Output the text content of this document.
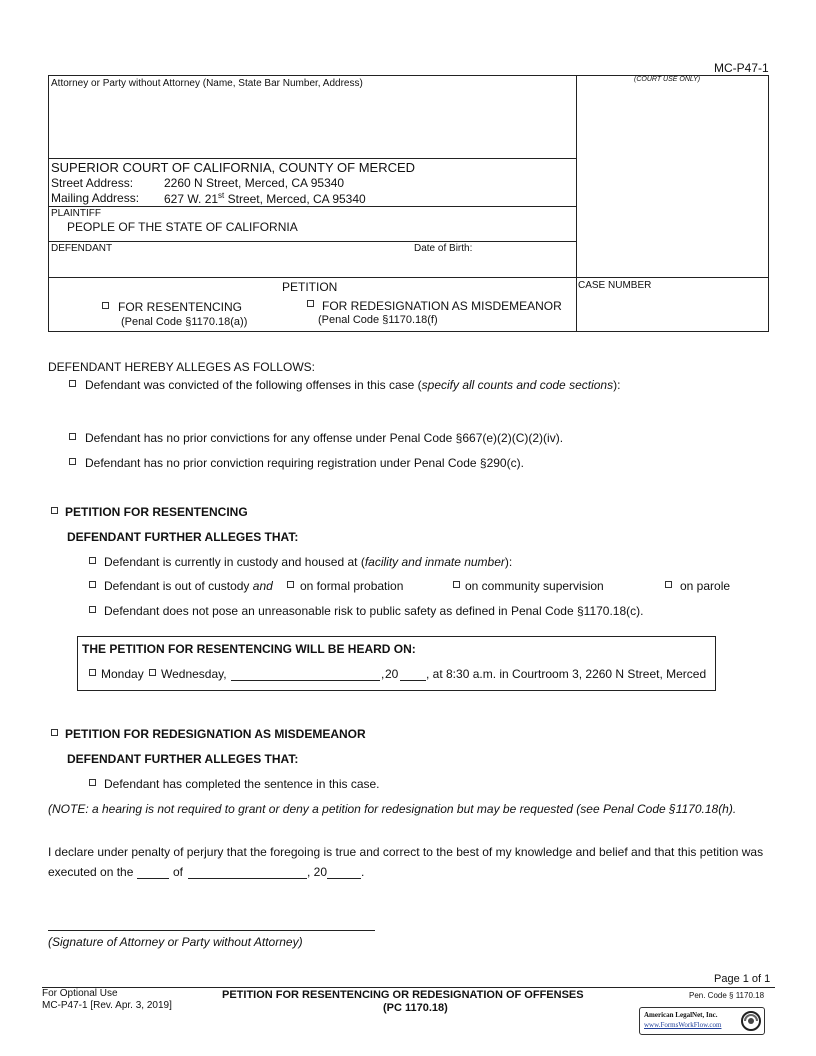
MC-P47-1
Attorney or Party without Attorney (Name, State Bar Number, Address)	(COURT USE ONLY)
SUPERIOR COURT OF CALIFORNIA, COUNTY OF MERCED
Street Address:	2260 N Street, Merced, CA 95340
Mailing Address: 627 W. 21st Street, Merced, CA 95340
PLAINTIFF
PEOPLE OF THE STATE OF CALIFORNIA
DEFENDANT	Date of Birth:
PETITION	CASE NUMBER
FOR RESENTENCING
(Penal Code §1170.18(a))
FOR REDESIGNATION AS MISDEMEANOR
(Penal Code §1170.18(f)
DEFENDANT HEREBY ALLEGES AS FOLLOWS:
Defendant was convicted of the following offenses in this case (specify all counts and code sections):
Defendant has no prior convictions for any offense under Penal Code §667(e)(2)(C)(2)(iv).
Defendant has no prior conviction requiring registration under Penal Code §290(c).
PETITION FOR RESENTENCING
DEFENDANT FURTHER ALLEGES THAT:
Defendant is currently in custody and housed at (facility and inmate number):
Defendant is out of custody and on formal probation	on community supervision	on parole
Defendant does not pose an unreasonable risk to public safety as defined in Penal Code §1170.18(c).
THE PETITION FOR RESENTENCING WILL BE HEARD ON:
Monday Wednesday,	, 20 , at 8:30 a.m. in Courtroom 3, 2260 N Street, Merced
PETITION FOR REDESIGNATION AS MISDEMEANOR
DEFENDANT FURTHER ALLEGES THAT:
Defendant has completed the sentence in this case.
(NOTE: a hearing is not required to grant or deny a petition for redesignation but may be requested (see Penal Code §1170.18(h).
I declare under penalty of perjury that the foregoing is true and correct to the best of my knowledge and belief and that this petition was
executed on the	of	, 20	.
(Signature of Attorney or Party without Attorney)
Page 1 of 1
For Optional Use
MC-P47-1 [Rev. Apr. 3, 2019]
PETITION FOR RESENTENCING OR REDESIGNATION OF OFFENSES
(PC 1170.18)
Pen. Code § 1170.18
American LegalNet, Inc.
www.FormsWorkFlow.com
